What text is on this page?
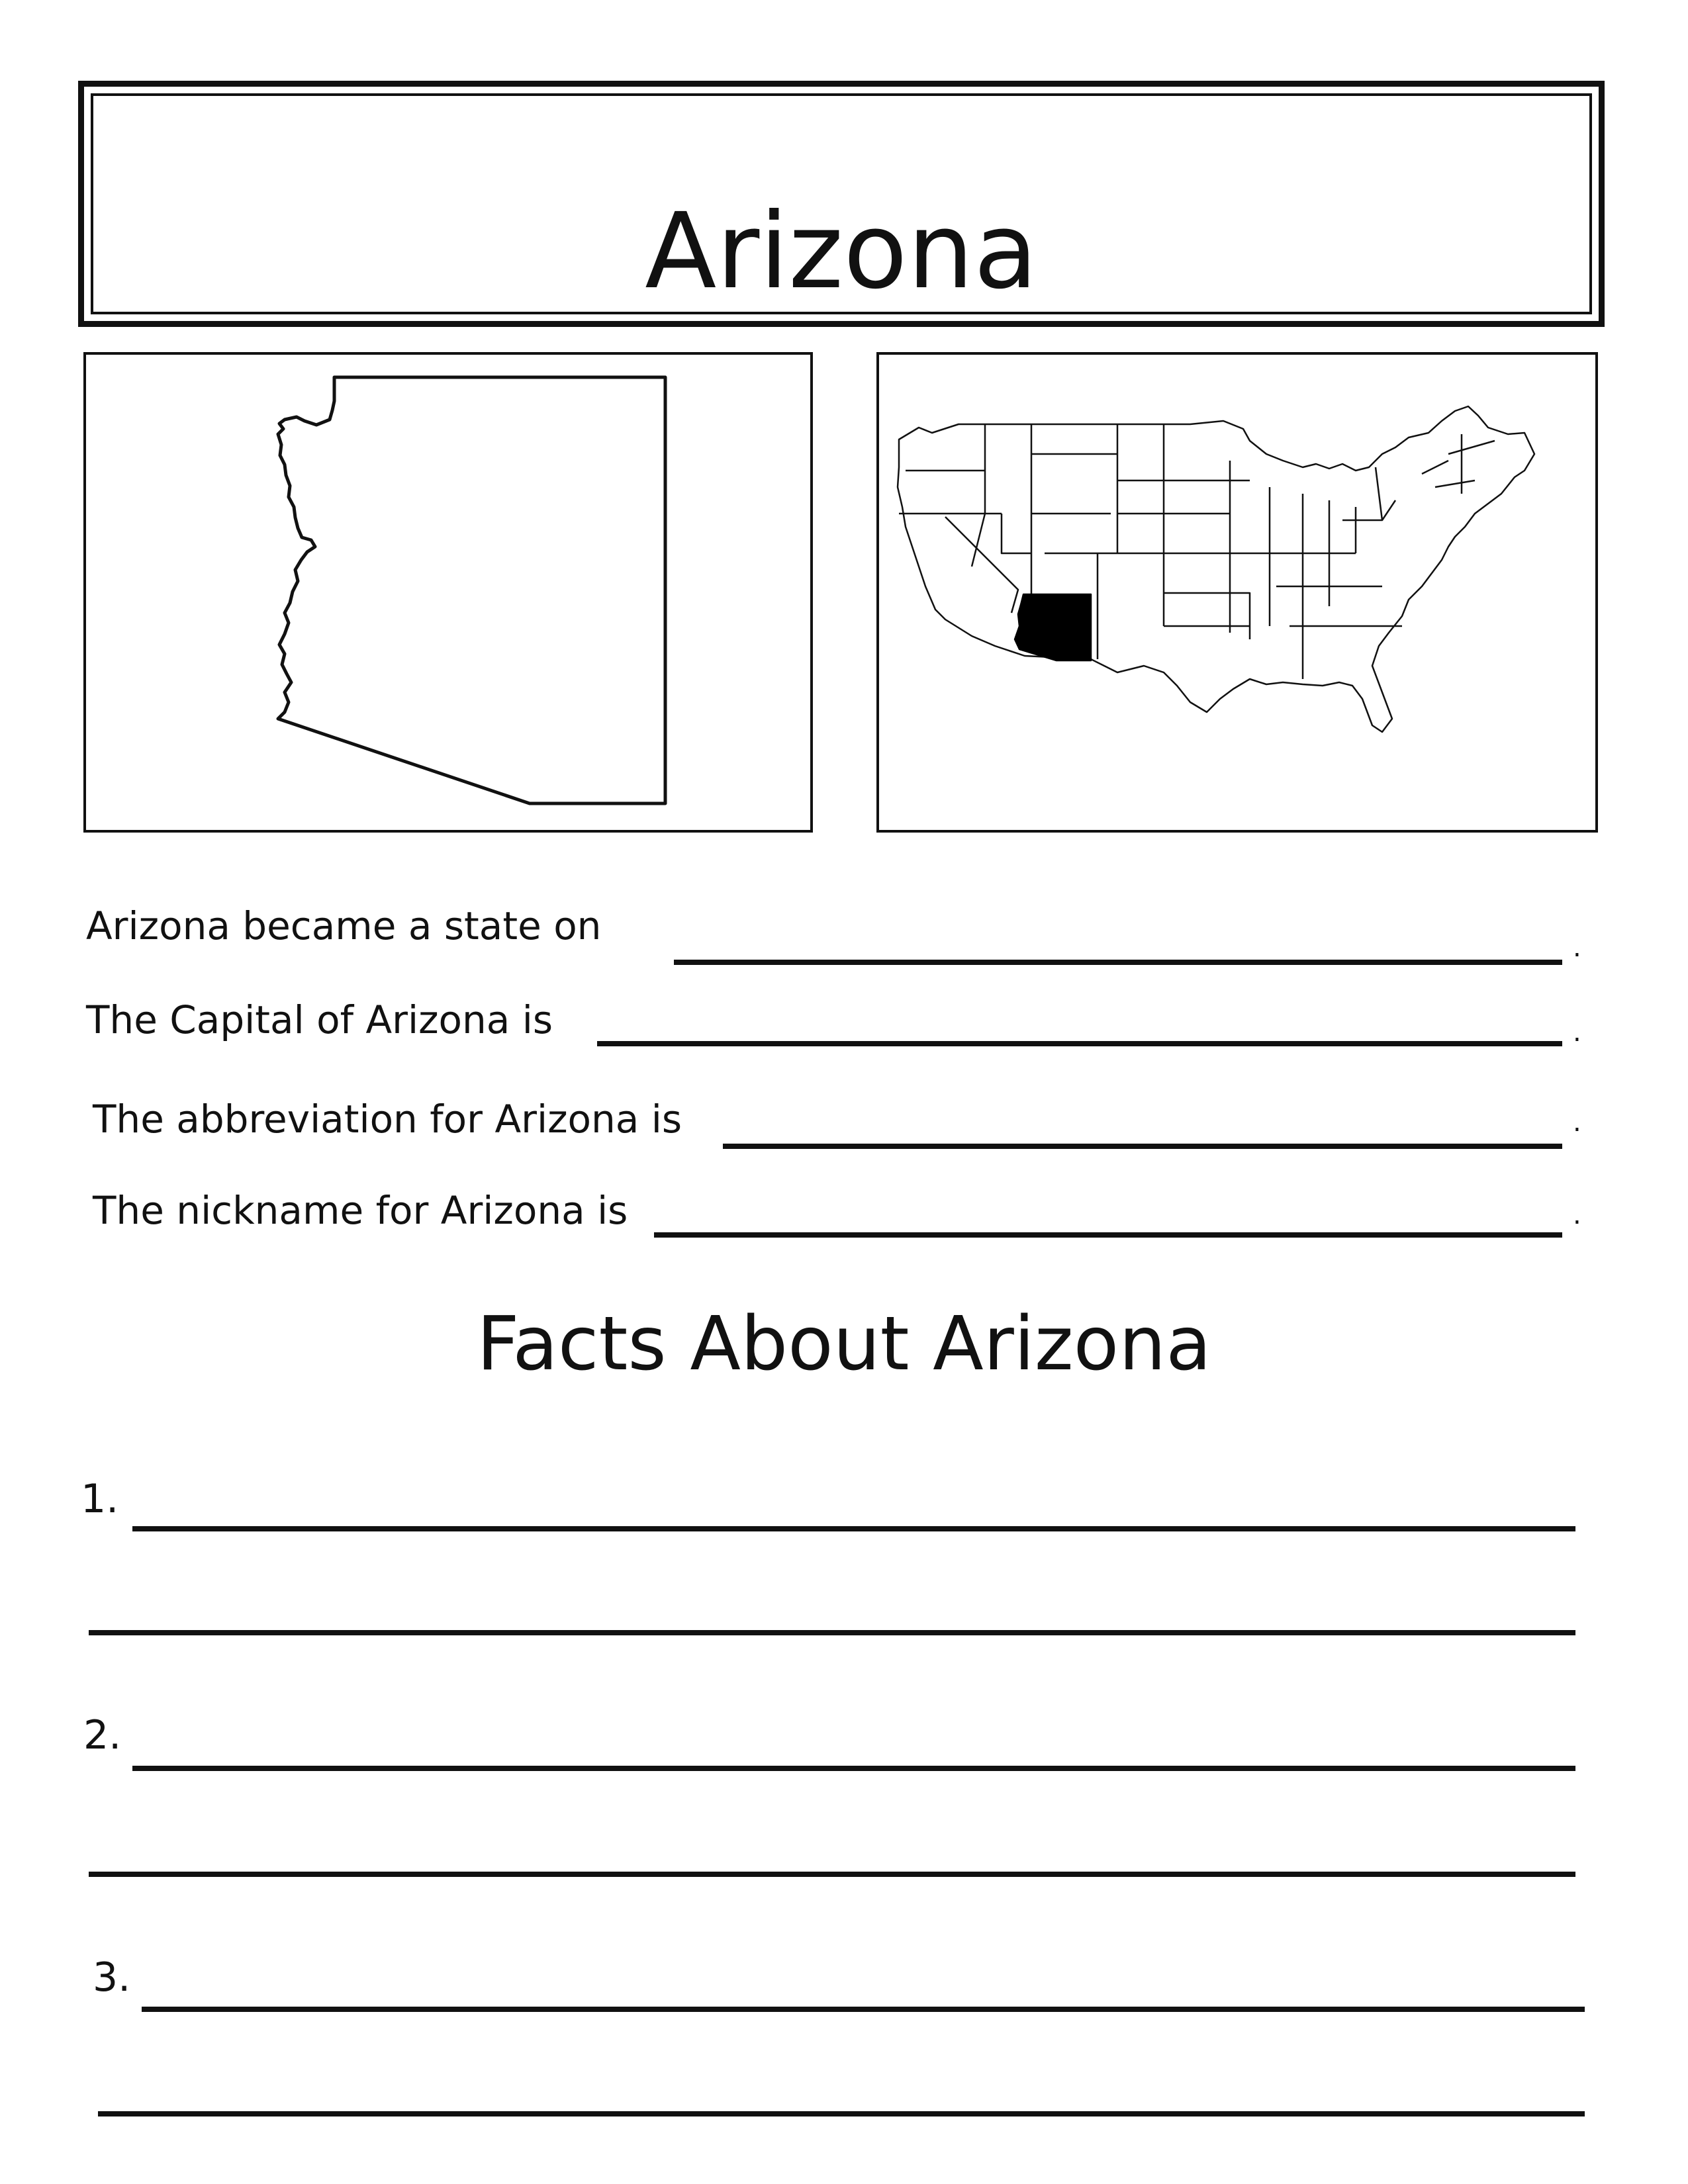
Arizona
Arizona became a state on	.
The Capital of Arizona is	.
The abbreviation for Arizona is	.
The nickname for Arizona is	.
Facts About Arizona
1.
2.
3.
